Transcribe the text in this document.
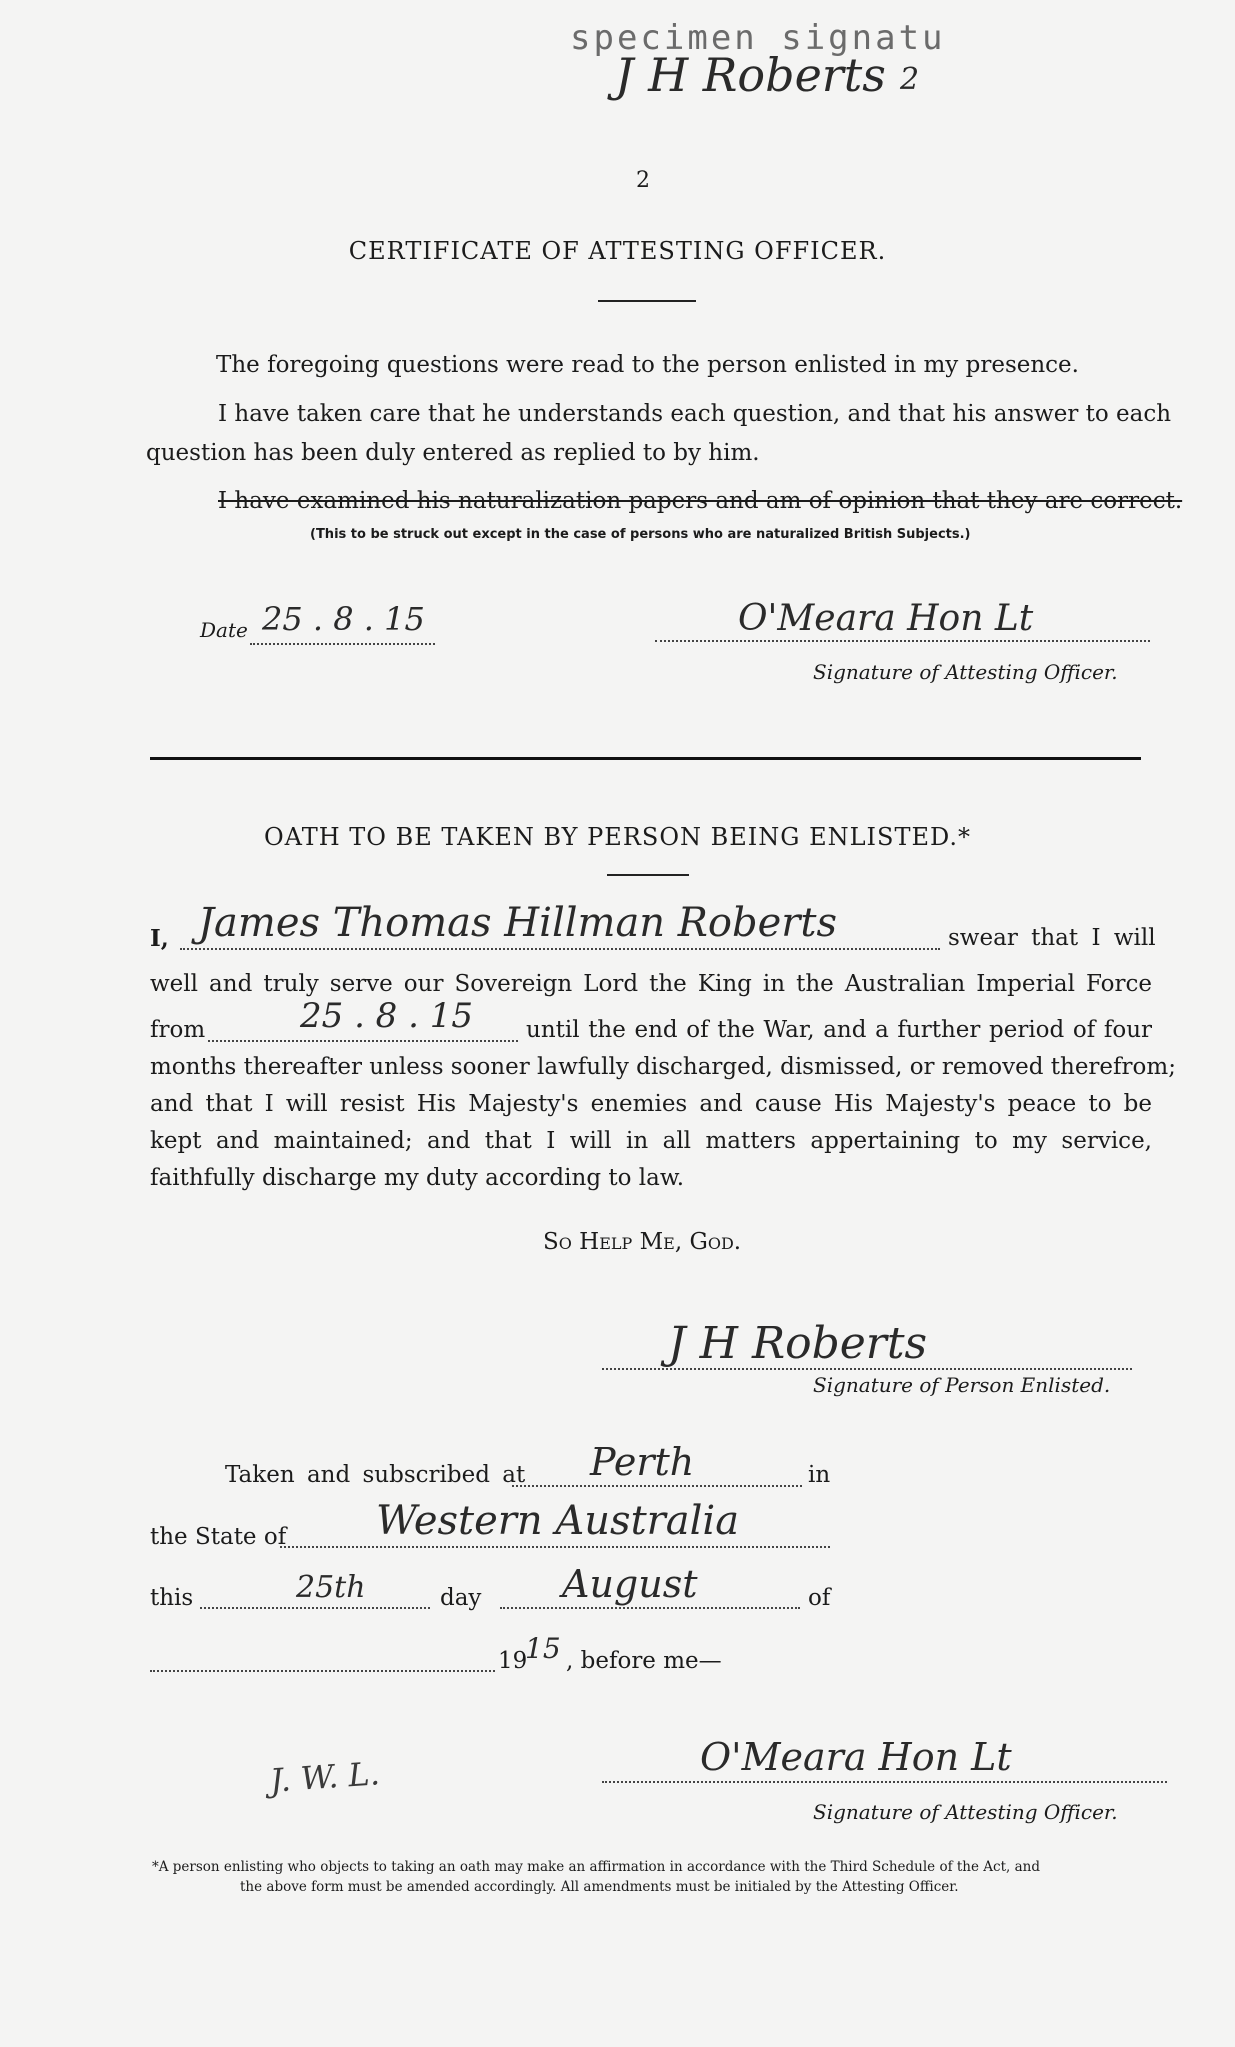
specimen signatu
J H Roberts 2
2
CERTIFICATE OF ATTESTING OFFICER.
The foregoing questions were read to the person enlisted in my presence.
I have taken care that he understands each question, and that his answer to each
question has been duly entered as replied to by him.
I have examined his naturalization papers and am of opinion that they are correct.
(This to be struck out except in the case of persons who are naturalized British Subjects.)
Date 25 . 8 . 15	O'Meara Hon Lt
Signature of Attesting Officer.
OATH TO BE TAKEN BY PERSON BEING ENLISTED.*
I, James Thomas Hillman Roberts	swear that I will
well and truly serve our Sovereign Lord the King in the Australian Imperial Force
from	25 . 8 . 15 until the end of the War, and a further period of four
months thereafter unless sooner lawfully discharged, dismissed, or removed therefrom;
and that I will resist His Majesty's enemies and cause His Majesty's peace to be
kept and maintained; and that I will in all matters appertaining to my service,
faithfully discharge my duty according to law.
So Help Me, God.
J H Roberts
Signature of Person Enlisted.
Taken and subscribed at Perth	in
the State of Western Australia
this	25th	day August	of
19
15 , before me—
J. W. L.	O'Meara Hon Lt
Signature of Attesting Officer.
*A person enlisting who objects to taking an oath may make an affirmation in accordance with the Third Schedule of the Act, and
the above form must be amended accordingly. All amendments must be initialed by the Attesting Officer.
